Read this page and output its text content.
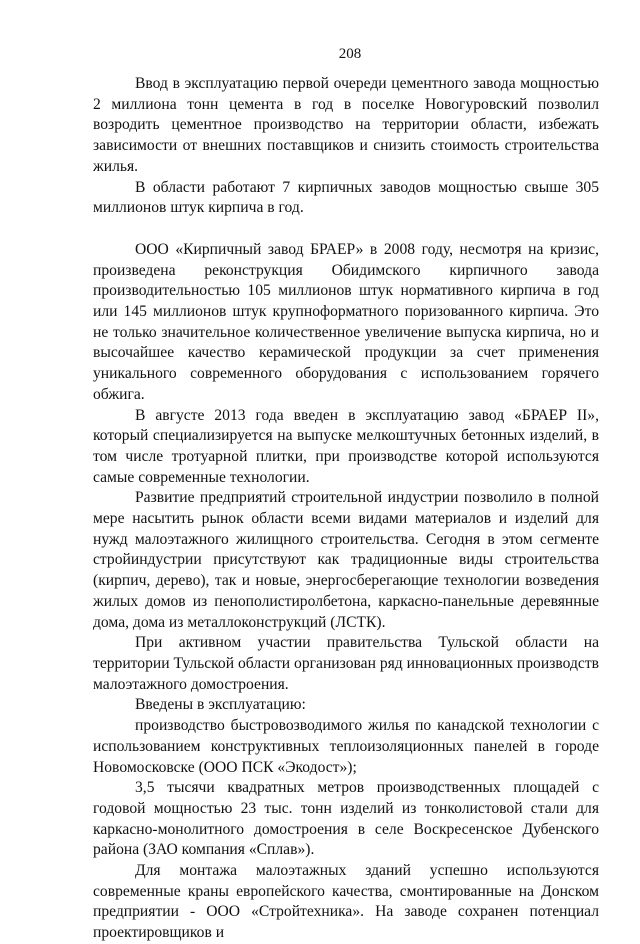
208

Ввод в эксплуатацию первой очереди цементного завода мощностью 2 миллиона тонн цемента в год в поселке Новогуровский позволил возродить цементное производство на территории области, избежать зависимости от внешних поставщиков и снизить стоимость строительства жилья.

В области работают 7 кирпичных заводов мощностью свыше 305 миллионов штук кирпича в год.

ООО «Кирпичный завод БРАЕР» в 2008 году, несмотря на кризис, произведена реконструкция Обидимского кирпичного завода производительностью 105 миллионов штук нормативного кирпича в год или 145 миллионов штук крупноформатного поризованного кирпича. Это не только значительное количественное увеличение выпуска кирпича, но и высочайшее качество керамической продукции за счет применения уникального современного оборудования с использованием горячего обжига.

В августе 2013 года введен в эксплуатацию завод «БРАЕР II», который специализируется на выпуске мелкоштучных бетонных изделий, в том числе тротуарной плитки, при производстве которой используются самые современные технологии.

Развитие предприятий строительной индустрии позволило в полной мере насытить рынок области всеми видами материалов и изделий для нужд малоэтажного жилищного строительства. Сегодня в этом сегменте стройиндустрии присутствуют как традиционные виды строительства (кирпич, дерево), так и новые, энергосберегающие технологии возведения жилых домов из пенополистиролбетона, каркасно-панельные деревянные дома, дома из металлоконструкций (ЛСТК).

При активном участии правительства Тульской области на территории Тульской области организован ряд инновационных производств малоэтажного домостроения.

Введены в эксплуатацию:

производство быстровозводимого жилья по канадской технологии с использованием конструктивных теплоизоляционных панелей в городе Новомосковске (ООО ПСК «Экодост»);

3,5 тысячи квадратных метров производственных площадей с годовой мощностью 23 тыс. тонн изделий из тонколистовой стали для каркасно-монолитного домостроения в селе Воскресенское Дубенского района (ЗАО компания «Сплав»).

Для монтажа малоэтажных зданий успешно используются современные краны европейского качества, смонтированные на Донском предприятии - ООО «Стройтехника». На заводе сохранен потенциал проектировщиков и
